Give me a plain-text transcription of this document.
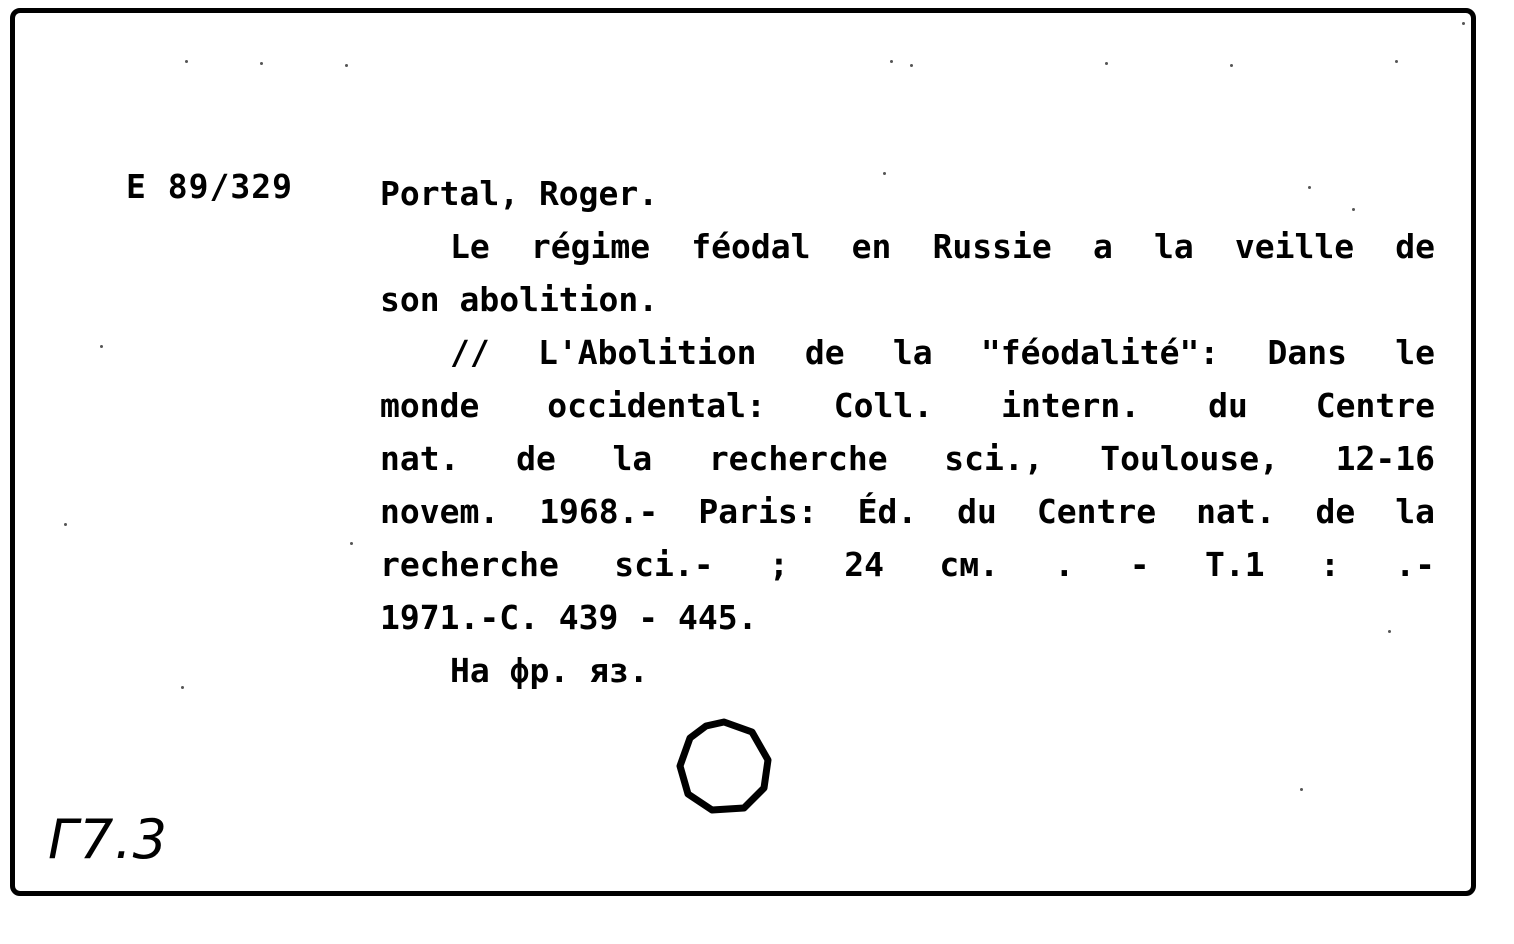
E 89/329	Portal, Roger.
Le régime féodal en Russie a la veille de
son abolition.
// L'Abolition de la "féodalité": Dans le
monde occidental: Coll. intern. du Centre
nat. de la recherche sci., Toulouse, 12-16
novem. 1968.- Paris: Éd. du Centre nat. de la
recherche sci.- ; 24 см. . - Т.1 : .-
1971.-С. 439 - 445.
На фр. яз.
Г7.3
